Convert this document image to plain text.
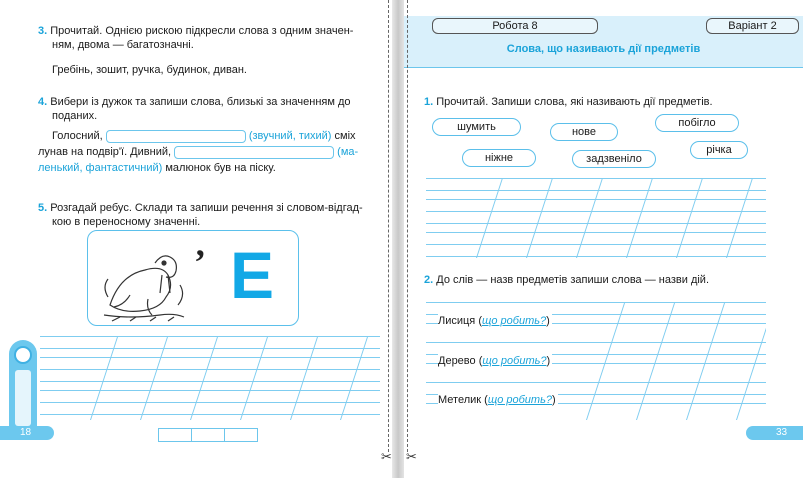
3. Прочитай. Однією рискою підкресли слова з одним значен-
ням, двома — багатозначні.
Гребінь, зошит, ручка, будинок, диван.
4. Вибери із дужок та запиши слова, близькі за значенням до
поданих.
Голосний,	(звучний, тихий) сміх
лунав на подвір'ї. Дивний,	(ма-
ленький, фантастичний) малюнок був на піску.
5. Розгадай ребус. Склади та запиши речення зі словом-відгад-
кою в переносному значенні.
’ Е
18
✂
Робота 8	Варіант 2
Слова, що називають дії предметів
✂
1. Прочитай. Запиши слова, які називають дії предметів.
шумить	нове
побігло
ніжне	задзвеніло
річка
2. До слів — назв предметів запиши слова — назви дій.
Лисиця (що робить?)
Дерево (що робить?)
Метелик (що робить?)
33
